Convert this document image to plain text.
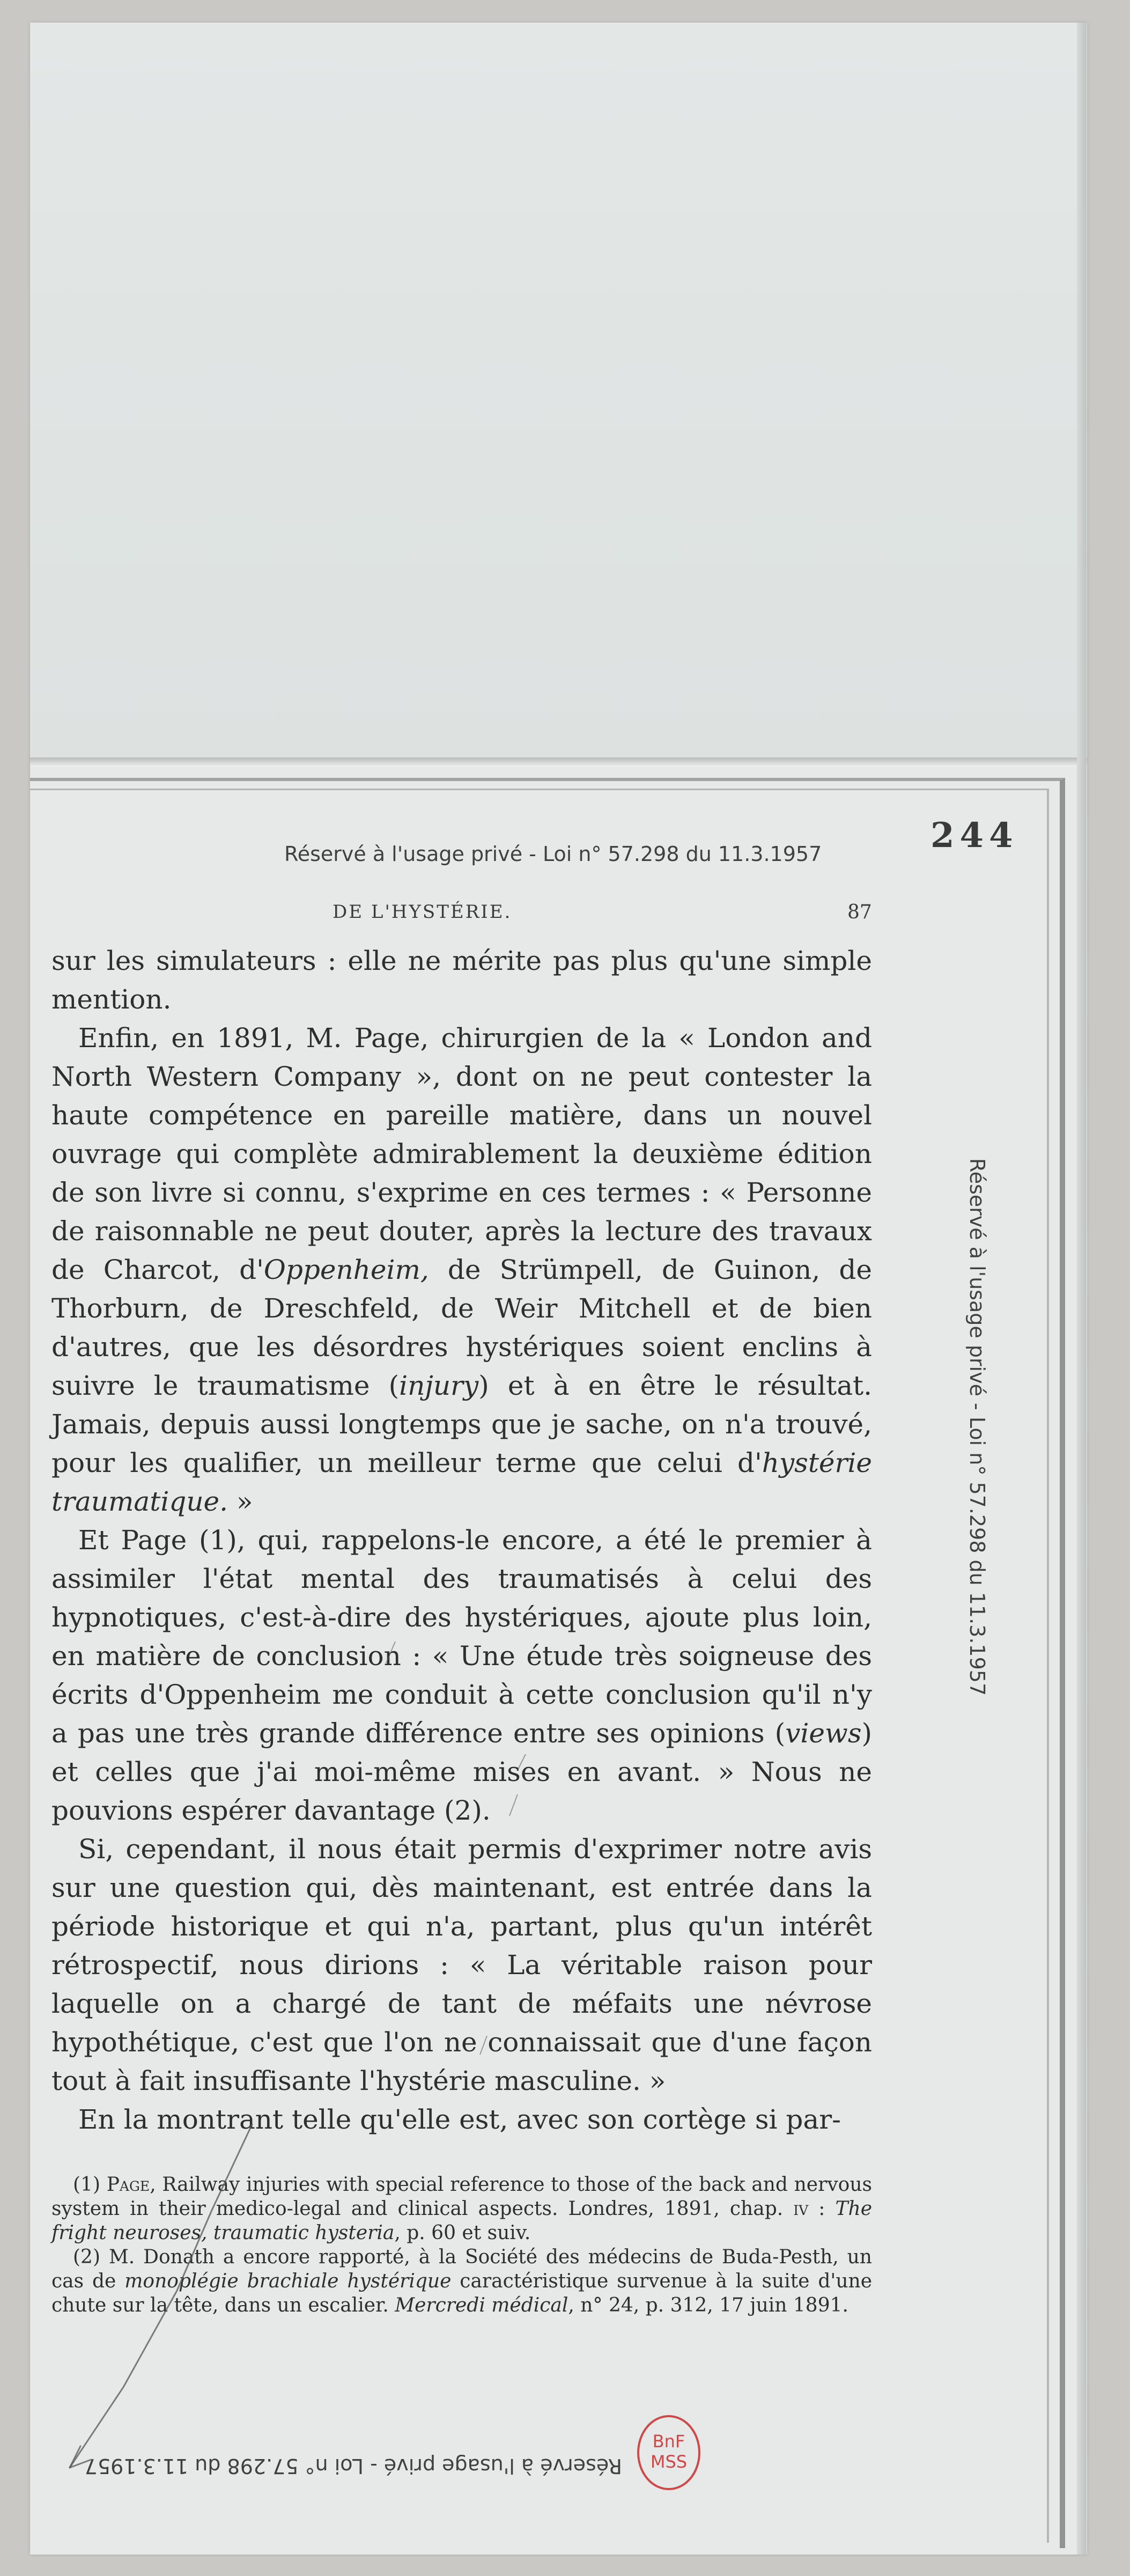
244
Réservé à l'usage privé - Loi n° 57.298 du 11.3.1957
DE L'HYSTÉRIE.	87

sur les simulateurs : elle ne mérite pas plus qu'une simple mention.

Enfin, en 1891, M. Page, chirurgien de la « London and North Western Company », dont on ne peut contester la haute compétence en pareille matière, dans un nouvel ouvrage qui complète admirablement la deuxième édition de son livre si connu, s'exprime en ces termes : « Personne de raisonnable ne peut douter, après la lecture des travaux de Charcot, d'Oppenheim, de Strümpell, de Guinon, de Thorburn, de Dreschfeld, de Weir Mitchell et de bien d'autres, que les désordres hystériques soient enclins à suivre le traumatisme (injury) et à en être le résultat. Jamais, depuis aussi longtemps que je sache, on n'a trouvé, pour les qualifier, un meilleur terme que celui d'hystérie traumatique. »

Et Page (1), qui, rappelons-le encore, a été le premier à assimiler l'état mental des traumatisés à celui des hypnotiques, c'est-à-dire des hystériques, ajoute plus loin, en matière de conclusion : « Une étude très soigneuse des écrits d'Oppenheim me conduit à cette conclusion qu'il n'y a pas une très grande différence entre ses opinions (views) et celles que j'ai moi-même mises en avant. » Nous ne pouvions espérer davantage (2).

Si, cependant, il nous était permis d'exprimer notre avis sur une question qui, dès maintenant, est entrée dans la période historique et qui n'a, partant, plus qu'un intérêt rétrospectif, nous dirions : « La véritable raison pour laquelle on a chargé de tant de méfaits une névrose hypothétique, c'est que l'on ne connaissait que d'une façon tout à fait insuffisante l'hystérie masculine. »

En la montrant telle qu'elle est, avec son cortège si par-

(1) Page, Railway injuries with special reference to those of the back and nervous system in their medico-legal and clinical aspects. Londres, 1891, chap. iv : The fright neuroses, traumatic hysteria, p. 60 et suiv.

(2) M. Donath a encore rapporté, à la Société des médecins de Buda-Pesth, un cas de monoplégie brachiale hystérique caractéristique survenue à la suite d'une chute sur la tête, dans un escalier. Mercredi médical, n° 24, p. 312, 17 juin 1891.

Réservé à l'usage privé - Loi n° 57.298 du 11.3.1957
Réservé à l'usage privé - Loi n° 57.298 du 11.3.1957
BnF
MSS
